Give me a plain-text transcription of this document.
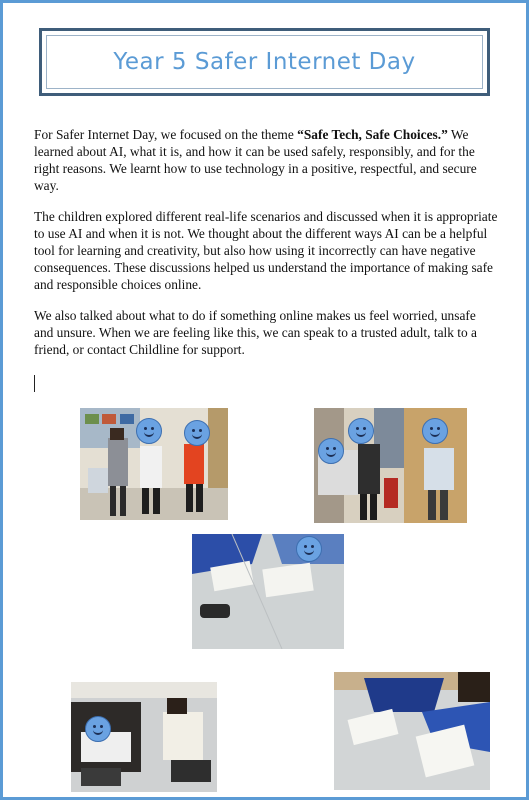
Year 5 Safer Internet Day

For Safer Internet Day, we focused on the theme “Safe Tech, Safe Choices.” We learned about AI, what it is, and how it can be used safely, responsibly, and for the right reasons. We learnt how to use technology in a positive, respectful, and secure way.

The children explored different real-life scenarios and discussed when it is appropriate to use AI and when it is not. We thought about the different ways AI can be a helpful tool for learning and creativity, but also how using it incorrectly can have negative consequences. These discussions helped us understand the importance of making safe and responsible choices online.

We also talked about what to do if something online makes us feel worried, unsafe and unsure. When we are feeling like this, we can speak to a trusted adult, talk to a friend, or contact Childline for support.
